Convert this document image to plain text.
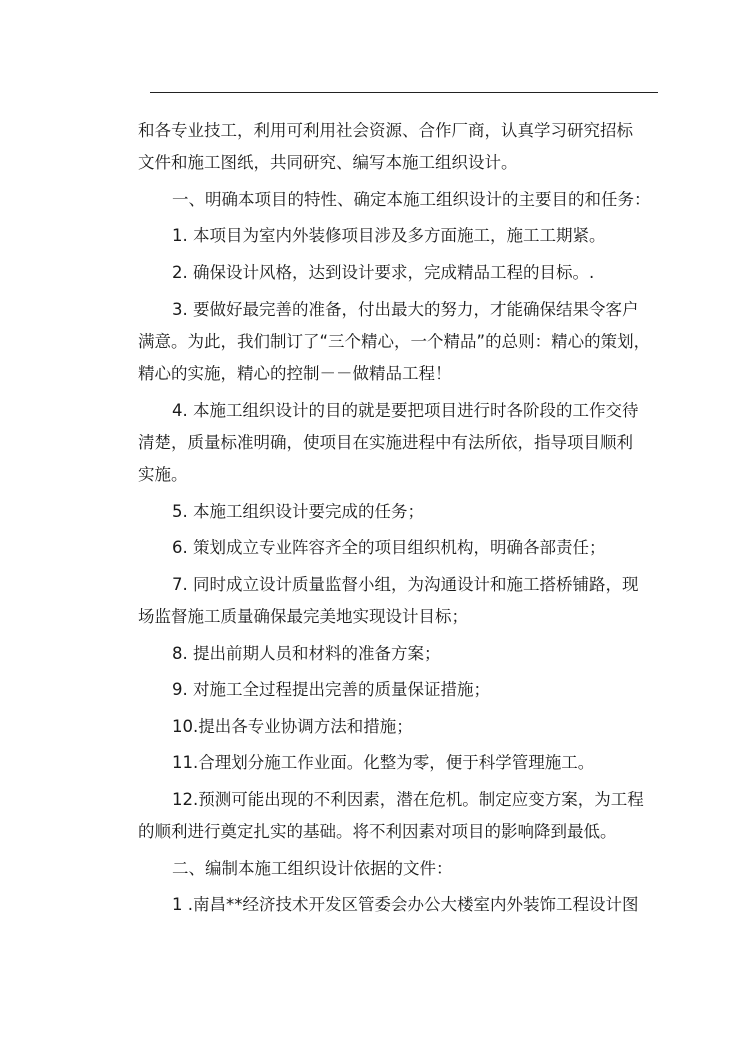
和各专业技工，利用可利用社会资源、合作厂商，认真学习研究招标
文件和施工图纸，共同研究、编写本施工组织设计。
一、明确本项目的特性、确定本施工组织设计的主要目的和任务：
1. 本项目为室内外装修项目涉及多方面施工，施工工期紧。
2. 确保设计风格，达到设计要求，完成精品工程的目标。.
3. 要做好最完善的准备，付出最大的努力，才能确保结果令客户
满意。为此，我们制订了“三个精心，一个精品”的总则：精心的策划，
精心的实施，精心的控制－－做精品工程！
4. 本施工组织设计的目的就是要把项目进行时各阶段的工作交待
清楚，质量标准明确，使项目在实施进程中有法所依，指导项目顺利
实施。
5. 本施工组织设计要完成的任务；
6. 策划成立专业阵容齐全的项目组织机构，明确各部责任；
7. 同时成立设计质量监督小组，为沟通设计和施工搭桥铺路，现
场监督施工质量确保最完美地实现设计目标；
8. 提出前期人员和材料的准备方案；
9. 对施工全过程提出完善的质量保证措施；
10.提出各专业协调方法和措施；
11.合理划分施工作业面。化整为零，便于科学管理施工。
12.预测可能出现的不利因素，潜在危机。制定应变方案，为工程
的顺利进行奠定扎实的基础。将不利因素对项目的影响降到最低。
二、编制本施工组织设计依据的文件：
1 .南昌**经济技术开发区管委会办公大楼室内外装饰工程设计图
